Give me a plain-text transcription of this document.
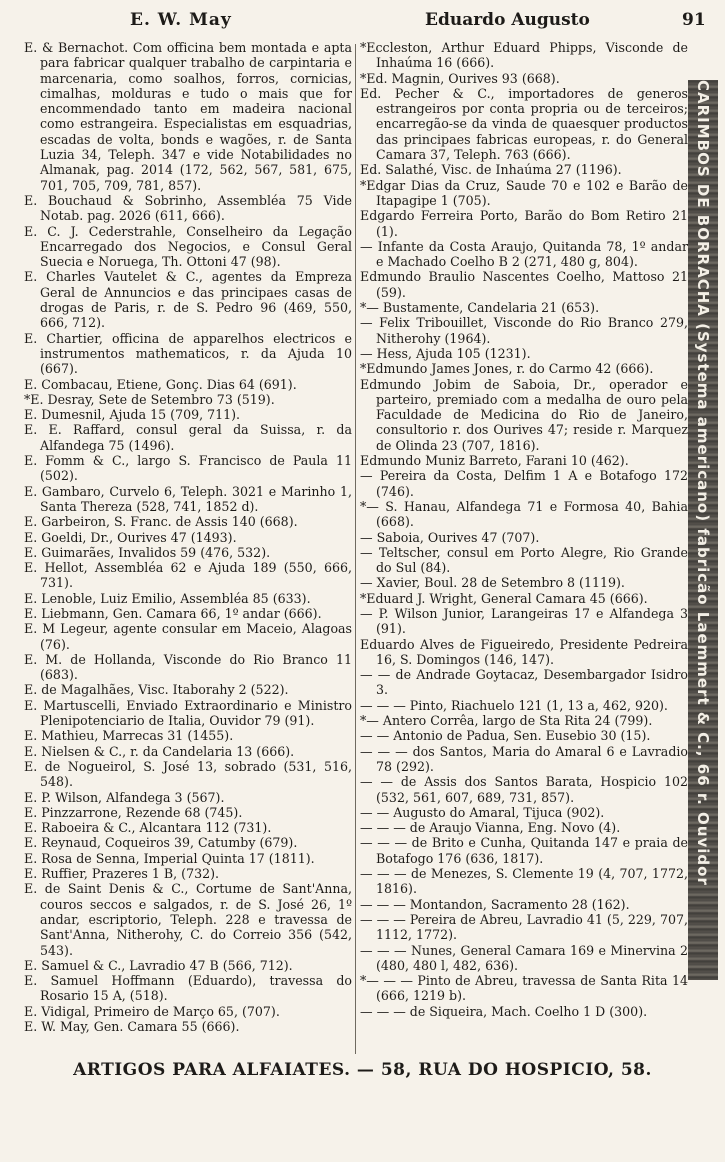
E. W. May	Eduardo Augusto	91

E. & Bernachot. Com officina bem montada e apta para fabricar qualquer trabalho de carpintaria e marcenaria, como soalhos, forros, cornicias, cimalhas, molduras e tudo o mais que for encommendado tanto em madeira nacional como estrangeira. Especialistas em esquadrias, escadas de volta, bonds e wagões, r. de Santa Luzia 34, Teleph. 347 e vide Notabilidades no Almanak, pag. 2014 (172, 562, 567, 581, 675, 701, 705, 709, 781, 857).

E. Bouchaud & Sobrinho, Assembléa 75 Vide Notab. pag. 2026 (611, 666).

E. C. J. Cederstrahle, Conselheiro da Legação Encarregado dos Negocios, e Consul Geral Suecia e Noruega, Th. Ottoni 47 (98).

E. Charles Vautelet & C., agentes da Empreza Geral de Annuncios e das principaes casas de drogas de Paris, r. de S. Pedro 96 (469, 550, 666, 712).

E. Chartier, officina de apparelhos electricos e instrumentos mathematicos, r. da Ajuda 10 (667).

E. Combacau, Etiene, Gonç. Dias 64 (691).

*E. Desray, Sete de Setembro 73 (519).

E. Dumesnil, Ajuda 15 (709, 711).

E. E. Raffard, consul geral da Suissa, r. da Alfandega 75 (1496).

E. Fomm & C., largo S. Francisco de Paula 11 (502).

E. Gambaro, Curvelo 6, Teleph. 3021 e Marinho 1, Santa Thereza (528, 741, 1852 d).

E. Garbeiron, S. Franc. de Assis 140 (668).

E. Goeldi, Dr., Ourives 47 (1493).

E. Guimarães, Invalidos 59 (476, 532).

E. Hellot, Assembléa 62 e Ajuda 189 (550, 666, 731).

E. Lenoble, Luiz Emilio, Assembléa 85 (633).

E. Liebmann, Gen. Camara 66, 1º andar (666).

E. M Legeur, agente consular em Maceio, Alagoas (76).

E. M. de Hollanda, Visconde do Rio Branco 11 (683).

E. de Magalhães, Visc. Itaborahy 2 (522).

E. Martuscelli, Enviado Extraordinario e Ministro Plenipotenciario de Italia, Ouvidor 79 (91).

E. Mathieu, Marrecas 31 (1455).

E. Nielsen & C., r. da Candelaria 13 (666).

E. de Nogueirol, S. José 13, sobrado (531, 516, 548).

E. P. Wilson, Alfandega 3 (567).

E. Pinzzarrone, Rezende 68 (745).

E. Raboeira & C., Alcantara 112 (731).

E. Reynaud, Coqueiros 39, Catumby (679).

E. Rosa de Senna, Imperial Quinta 17 (1811).

E. Ruffier, Prazeres 1 B, (732).

E. de Saint Denis & C., Cortume de Sant'Anna, couros seccos e salgados, r. de S. José 26, 1º andar, escriptorio, Teleph. 228 e travessa de Sant'Anna, Nitherohy, C. do Correio 356 (542, 543).

E. Samuel & C., Lavradio 47 B (566, 712).

E. Samuel Hoffmann (Eduardo), travessa do Rosario 15 A, (518).

E. Vidigal, Primeiro de Março 65, (707).

E. W. May, Gen. Camara 55 (666).

*Eccleston, Arthur Eduard Phipps, Visconde de Inhaúma 16 (666).

*Ed. Magnin, Ourives 93 (668).

Ed. Pecher & C., importadores de generos estrangeiros por conta propria ou de terceiros; encarregão-se da vinda de quaesquer productos das principaes fabricas europeas, r. do General Camara 37, Teleph. 763 (666).

Ed. Salathé, Visc. de Inhaúma 27 (1196).

*Edgar Dias da Cruz, Saude 70 e 102 e Barão de Itapagipe 1 (705).

Edgardo Ferreira Porto, Barão do Bom Retiro 21 (1).

— Infante da Costa Araujo, Quitanda 78, 1º andar e Machado Coelho B 2 (271, 480 g, 804).

Edmundo Braulio Nascentes Coelho, Mattoso 21 (59).

*— Bustamente, Candelaria 21 (653).

— Felix Tribouillet, Visconde do Rio Branco 279, Nitherohy (1964).

— Hess, Ajuda 105 (1231).

*Edmundo James Jones, r. do Carmo 42 (666).

Edmundo Jobim de Saboia, Dr., operador e parteiro, premiado com a medalha de ouro pela Faculdade de Medicina do Rio de Janeiro, consultorio r. dos Ourives 47; reside r. Marquez de Olinda 23 (707, 1816).

Edmundo Muniz Barreto, Farani 10 (462).

— Pereira da Costa, Delfim 1 A e Botafogo 172 (746).

*— S. Hanau, Alfandega 71 e Formosa 40, Bahia (668).

— Saboia, Ourives 47 (707).

— Teltscher, consul em Porto Alegre, Rio Grande do Sul (84).

— Xavier, Boul. 28 de Setembro 8 (1119).

*Eduard J. Wright, General Camara 45 (666).

— P. Wilson Junior, Larangeiras 17 e Alfandega 3 (91).

Eduardo Alves de Figueiredo, Presidente Pedreira 16, S. Domingos (146, 147).

— — de Andrade Goytacaz, Desembargador Isidro 3.

— — — Pinto, Riachuelo 121 (1, 13 a, 462, 920).

*— Antero Corrêa, largo de Sta Rita 24 (799).

— — Antonio de Padua, Sen. Eusebio 30 (15).

— — — dos Santos, Maria do Amaral 6 e Lavradio 78 (292).

— — de Assis dos Santos Barata, Hospicio 102 (532, 561, 607, 689, 731, 857).

— — Augusto do Amaral, Tijuca (902).

— — — de Araujo Vianna, Eng. Novo (4).

— — — de Brito e Cunha, Quitanda 147 e praia de Botafogo 176 (636, 1817).

— — — de Menezes, S. Clemente 19 (4, 707, 1772, 1816).

— — — Montandon, Sacramento 28 (162).

— — — Pereira de Abreu, Lavradio 41 (5, 229, 707, 1112, 1772).

— — — Nunes, General Camara 169 e Minervina 2 (480, 480 l, 482, 636).

*— — — Pinto de Abreu, travessa de Santa Rita 14 (666, 1219 b).

— — — de Siqueira, Mach. Coelho 1 D (300).

CARIMBOS DE BORRACHA (Systema americano) fabricão Laemmert & C., 66 r. Ouvidor
ARTIGOS PARA ALFAIATES. — 58, RUA DO HOSPICIO, 58.
